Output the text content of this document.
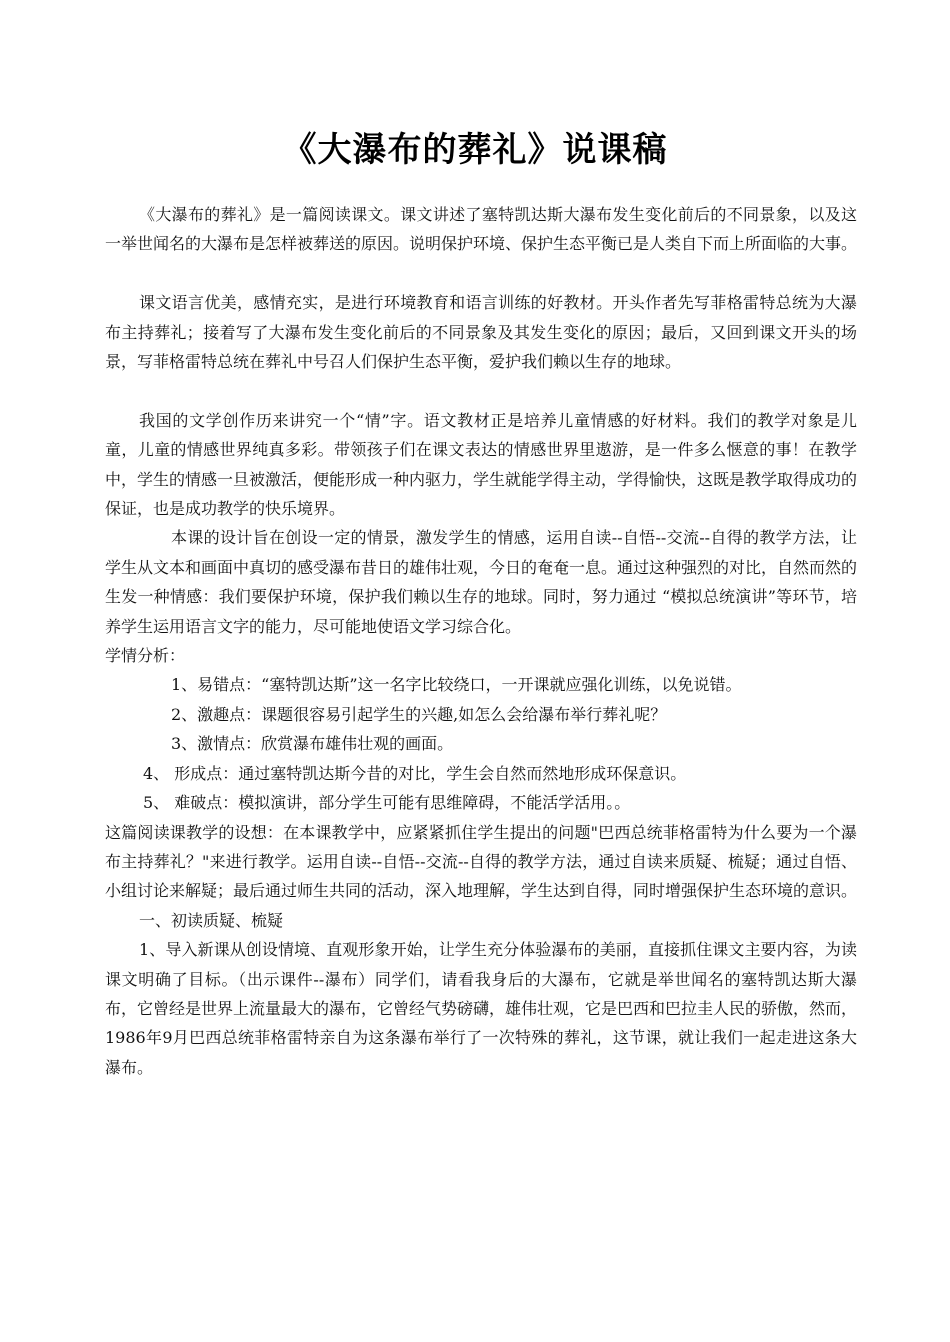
《大瀑布的葬礼》说课稿

《大瀑布的葬礼》是一篇阅读课文。课文讲述了塞特凯达斯大瀑布发生变化前后的不同景象，以及这一举世闻名的大瀑布是怎样被葬送的原因。说明保护环境、保护生态平衡已是人类自下而上所面临的大事。

课文语言优美，感情充实，是进行环境教育和语言训练的好教材。开头作者先写菲格雷特总统为大瀑布主持葬礼；接着写了大瀑布发生变化前后的不同景象及其发生变化的原因；最后，又回到课文开头的场景，写菲格雷特总统在葬礼中号召人们保护生态平衡，爱护我们赖以生存的地球。

我国的文学创作历来讲究一个“情”字。语文教材正是培养儿童情感的好材料。我们的教学对象是儿童，儿童的情感世界纯真多彩。带领孩子们在课文表达的情感世界里遨游，是一件多么惬意的事！在教学中，学生的情感一旦被激活，便能形成一种内驱力，学生就能学得主动，学得愉快，这既是教学取得成功的保证，也是成功教学的快乐境界。

本课的设计旨在创设一定的情景，激发学生的情感，运用自读--自悟--交流--自得的教学方法，让学生从文本和画面中真切的感受瀑布昔日的雄伟壮观，今日的奄奄一息。通过这种强烈的对比，自然而然的生发一种情感：我们要保护环境，保护我们赖以生存的地球。同时，努力通过 “模拟总统演讲”等环节，培养学生运用语言文字的能力，尽可能地使语文学习综合化。

学情分析：

1、易错点：“塞特凯达斯”这一名字比较绕口，一开课就应强化训练，以免说错。

2、激趣点：课题很容易引起学生的兴趣,如怎么会给瀑布举行葬礼呢？

3、激情点：欣赏瀑布雄伟壮观的画面。

4、 形成点：通过塞特凯达斯今昔的对比，学生会自然而然地形成环保意识。

5、 难破点：模拟演讲，部分学生可能有思维障碍，不能活学活用。。

这篇阅读课教学的设想：在本课教学中，应紧紧抓住学生提出的问题"巴西总统菲格雷特为什么要为一个瀑布主持葬礼？"来进行教学。运用自读--自悟--交流--自得的教学方法，通过自读来质疑、梳疑；通过自悟、小组讨论来解疑；最后通过师生共同的活动，深入地理解，学生达到自得，同时增强保护生态环境的意识。

一、初读质疑、梳疑

1、导入新课从创设情境、直观形象开始，让学生充分体验瀑布的美丽，直接抓住课文主要内容，为读课文明确了目标。（出示课件--瀑布）同学们，请看我身后的大瀑布，它就是举世闻名的塞特凯达斯大瀑布，它曾经是世界上流量最大的瀑布，它曾经气势磅礴，雄伟壮观，它是巴西和巴拉圭人民的骄傲，然而，1986年9月巴西总统菲格雷特亲自为这条瀑布举行了一次特殊的葬礼，这节课，就让我们一起走进这条大瀑布。
